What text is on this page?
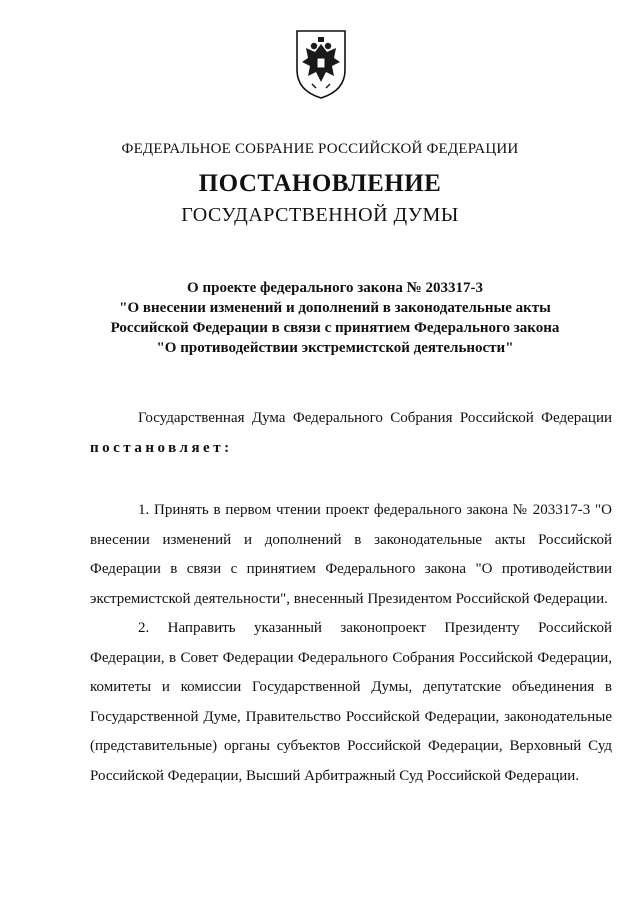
ФЕДЕРАЛЬНОЕ СОБРАНИЕ РОССИЙСКОЙ ФЕДЕРАЦИИ
ПОСТАНОВЛЕНИЕ
ГОСУДАРСТВЕННОЙ ДУМЫ
О проекте федерального закона № 203317-3
"О внесении изменений и дополнений в законодательные акты
Российской Федерации в связи с принятием Федерального закона
"О противодействии экстремистской деятельности"

Государственная Дума Федерального Собрания Российской Федерации постановляет:

1. Принять в первом чтении проект федерального закона № 203317-3 "О внесении изменений и дополнений в законодательные акты Российской Федерации в связи с принятием Федерального закона "О противодействии экстремистской деятельности", внесенный Президентом Российской Федерации.

2. Направить указанный законопроект Президенту Российской Федерации, в Совет Федерации Федерального Собрания Российской Федерации, комитеты и комиссии Государственной Думы, депутатские объединения в Государственной Думе, Правительство Российской Федерации, законодательные (представительные) органы субъектов Российской Федерации, Верховный Суд Российской Федерации, Высший Арбитражный Суд Российской Федерации.
